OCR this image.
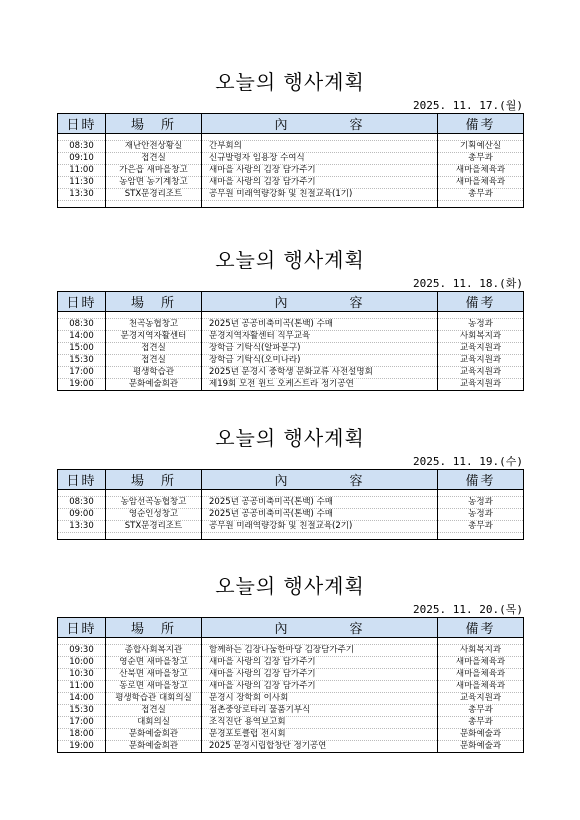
오늘의 행사계획
2025. 11. 17.(월)
日時	場　所	內　　　　容	備考

08:30	재난안전상황실	간부회의	기획예산실
09:10	접견실	신규발령자 임용장 수여식	총무과
11:00	가은읍 새마을창고	새마을 사랑의 김장 담가주기	새마을체육과
11:30	농암면 농기계창고	새마을 사랑의 김장 담가주기	새마을체육과
13:30	STX문경리조트	공무원 미래역량강화 및 친절교육(1기)	총무과

오늘의 행사계획
2025. 11. 18.(화)
日時	場　所	內　　　　容	備考

08:30	천곡농협창고	2025년 공공비축미곡(톤백) 수매	농정과
14:00	문경지역자활센터	문경지역자활센터 직무교육	사회복지과
15:00	접견실	장학금 기탁식(알파문구)	교육지원과
15:30	접견실	장학금 기탁식(오미나라)	교육지원과
17:00	평생학습관	2025년 문경시 중학생 문화교류 사전설명회	교육지원과
19:00	문화예술회관	제19회 모전 윈드 오케스트라 정기공연	교육지원과
오늘의 행사계획
2025. 11. 19.(수)
日時	場　所	內　　　　容	備考

08:30	농암선곡농협창고	2025년 공공비축미곡(톤백) 수매	농정과
09:00	영순인성창고	2025년 공공비축미곡(톤백) 수매	농정과
13:30	STX문경리조트	공무원 미래역량강화 및 친절교육(2기)	총무과

오늘의 행사계획
2025. 11. 20.(목)
日時	場　所	內　　　　容	備考

09:30	종합사회복지관	함께하는 김장나눔한마당 김장담가주기	사회복지과
10:00	영순면 새마을창고	새마을 사랑의 김장 담가주기	새마을체육과
10:30	산북면 새마을창고	새마을 사랑의 김장 담가주기	새마을체육과
11:00	동로면 새마을창고	새마을 사랑의 김장 담가주기	새마을체육과
14:00	평생학습관 대회의실	문경시 장학회 이사회	교육지원과
15:30	접견실	점촌중앙로타리 물품기부식	총무과
17:00	대회의실	조직진단 용역보고회	총무과
18:00	문화예술회관	문경포토클럽 전시회	문화예술과
19:00	문화예술회관	2025 문경시립합창단 정기공연	문화예술과
